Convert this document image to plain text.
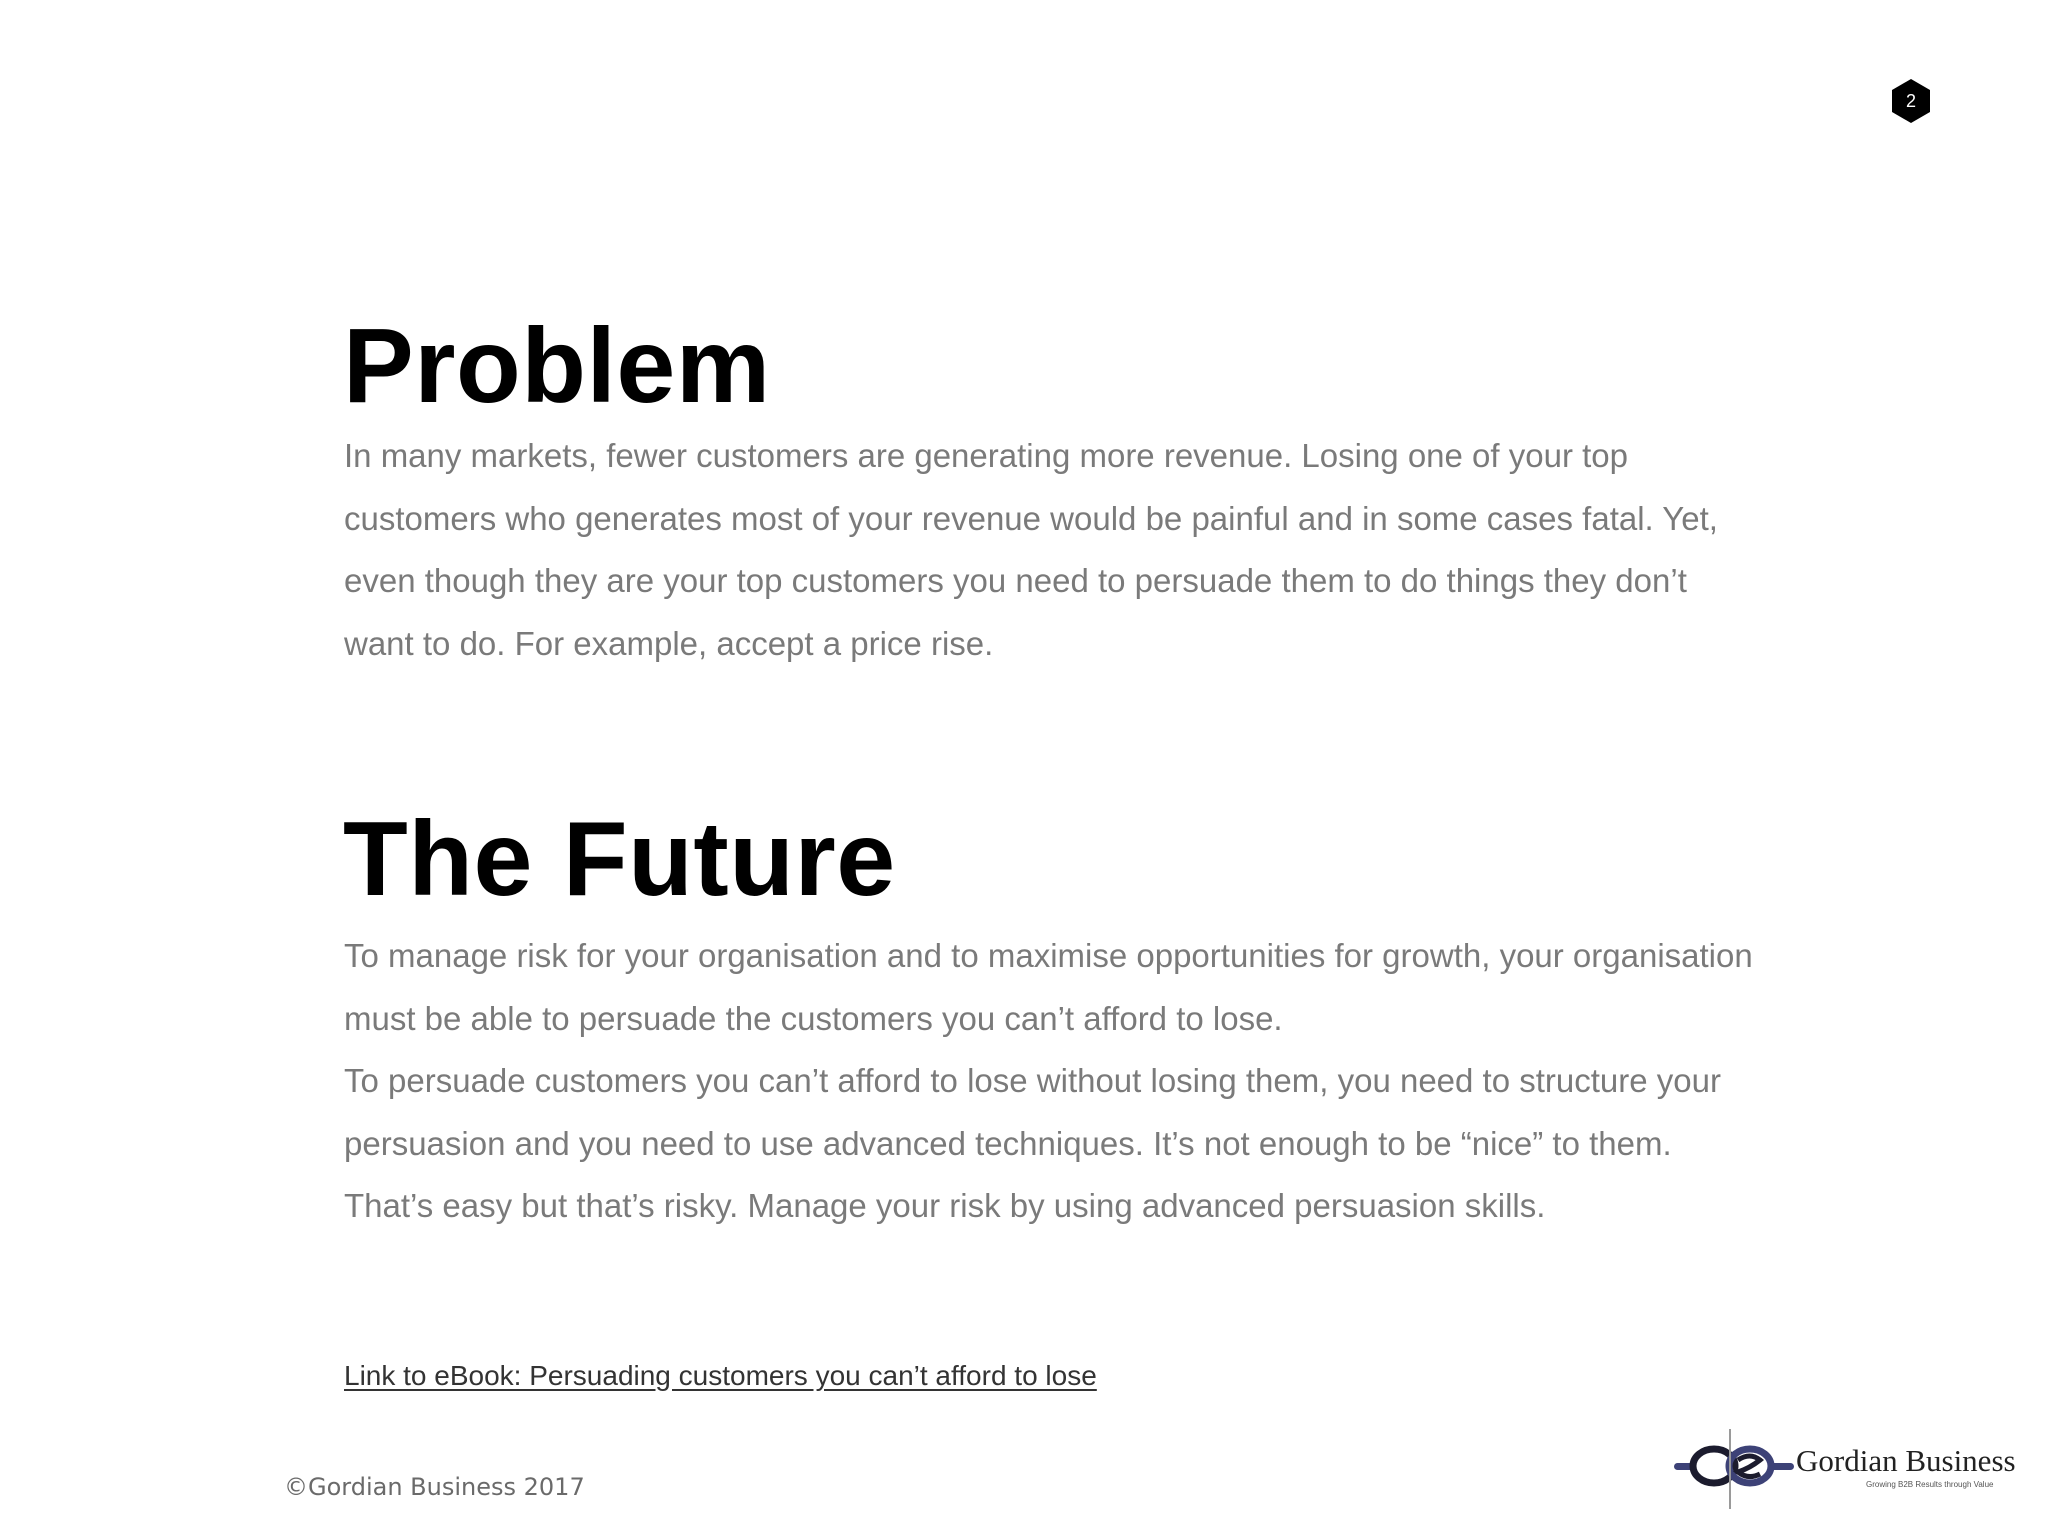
2
Problem

In many markets, fewer customers are generating more revenue. Losing one of your top customers who generates most of your revenue would be painful and in some cases fatal. Yet, even though they are your top customers you need to persuade them to do things they don’t want to do. For example, accept a price rise.

The Future

To manage risk for your organisation and to maximise opportunities for growth, your organisation must be able to persuade the customers you can’t afford to lose.

To persuade customers you can’t afford to lose without losing them, you need to structure your persuasion and you need to use advanced techniques. It’s not enough to be “nice” to them. That’s easy but that’s risky. Manage your risk by using advanced persuasion skills.

Link to eBook: Persuading customers you can’t afford to lose
©Gordian Business 2017
Gordian Business
Growing B2B Results through Value
